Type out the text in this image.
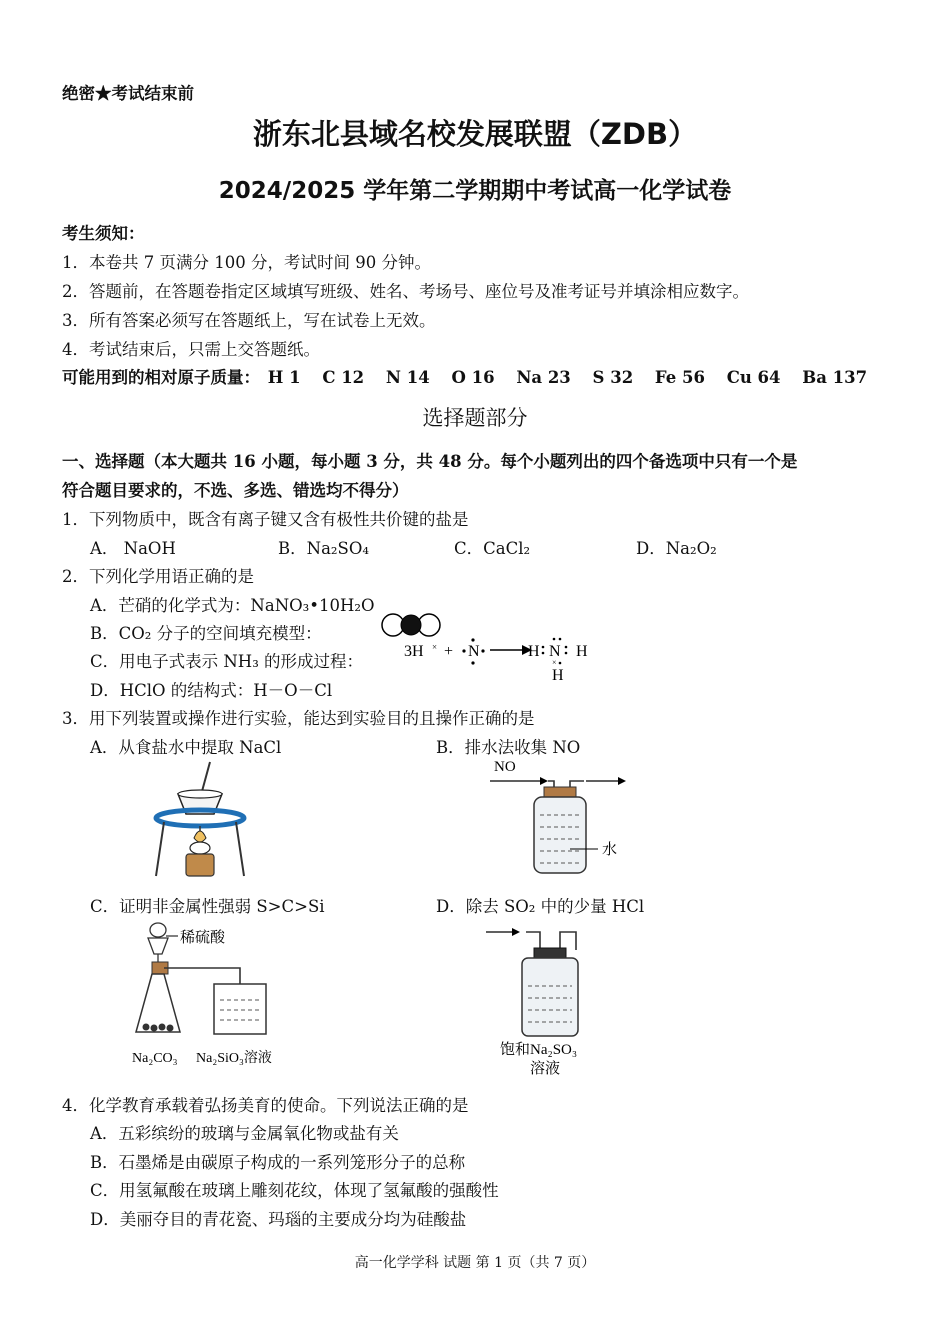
绝密★考试结束前
浙东北县域名校发展联盟（ZDB）
2024/2025 学年第二学期期中考试高一化学试卷
考生须知：
1．本卷共 7 页满分 100 分，考试时间 90 分钟。
2．答题前，在答题卷指定区域填写班级、姓名、考场号、座位号及准考证号并填涂相应数字。
3．所有答案必须写在答题纸上，写在试卷上无效。
4．考试结束后，只需上交答题纸。
可能用到的相对原子质量： H 1 C 12 N 14 O 16 Na 23 S 32 Fe 56 Cu 64 Ba 137
选择题部分
一、选择题（本大题共 16 小题，每小题 3 分，共 48 分。每个小题列出的四个备选项中只有一个是
符合题目要求的，不选、多选、错选均不得分）
1．下列物质中，既含有离子键又含有极性共价键的盐是
A． NaOH	B．Na₂SO₄	C．CaCl₂	D．Na₂O₂
2．下列化学用语正确的是
A．芒硝的化学式为：NaNO₃•10H₂O
B．CO₂ 分子的空间填充模型：
C．用电子式表示 NH₃ 的形成过程：
3H × + N	H N
×
H
H
D．HClO 的结构式：H－O－Cl
3．用下列装置或操作进行实验，能达到实验目的且操作正确的是
A．从食盐水中提取 NaCl	B．排水法收集 NO
NO
水
C．证明非金属性强弱 S>C>Si	D．除去 SO₂ 中的少量 HCl
稀硫酸
Na₂CO₃ Na₂SiO₃溶液
饱和Na₂SO₃
溶液
4．化学教育承载着弘扬美育的使命。下列说法正确的是
A．五彩缤纷的玻璃与金属氧化物或盐有关
B．石墨烯是由碳原子构成的一系列笼形分子的总称
C．用氢氟酸在玻璃上雕刻花纹，体现了氢氟酸的强酸性
D．美丽夺目的青花瓷、玛瑙的主要成分均为硅酸盐
高一化学学科 试题 第 1 页（共 7 页）
